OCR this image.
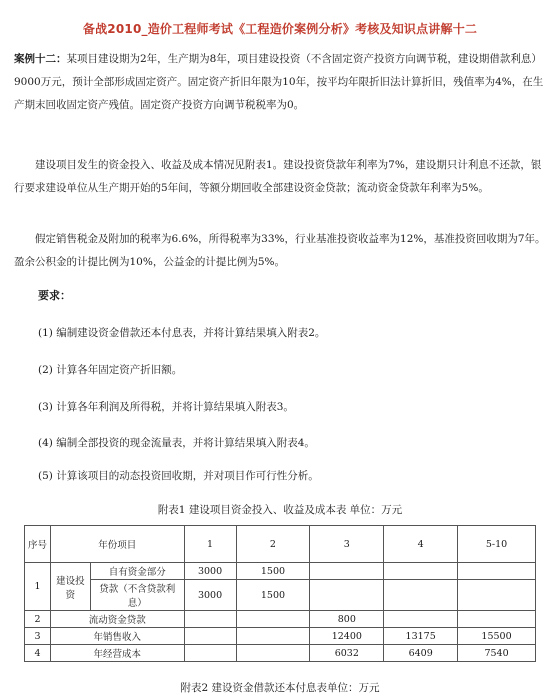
备战2010_造价工程师考试《工程造价案例分析》考核及知识点讲解十二

案例十二：某项目建设期为2年，生产期为8年，项目建设投资（不含固定资产投资方向调节税，建设期借款利息）9000万元，预计全部形成固定资产。固定资产折旧年限为10年，按平均年限折旧法计算折旧，残值率为4%，在生产期末回收固定资产残值。固定资产投资方向调节税税率为0。

建设项目发生的资金投入、收益及成本情况见附表1。建设投资贷款年利率为7%，建设期只计利息不还款，银行要求建设单位从生产期开始的5年间，等额分期回收全部建设资金贷款；流动资金贷款年利率为5%。

假定销售税金及附加的税率为6.6%，所得税率为33%，行业基准投资收益率为12%，基准投资回收期为7年。盈余公积金的计提比例为10%，公益金的计提比例为5%。

要求：
(1) 编制建设资金借款还本付息表，并将计算结果填入附表2。
(2) 计算各年固定资产折旧额。
(3) 计算各年利润及所得税，并将计算结果填入附表3。
(4) 编制全部投资的现金流量表，并将计算结果填入附表4。
(5) 计算该项目的动态投资回收期，并对项目作可行性分析。
附表1 建设项目资金投入、收益及成本表 单位：万元
序号	年份项目		1	2	3	4	5-10
1	建设投资	自有资金部分	3000	1500			
		贷款（不含贷款利息）	3000	1500			
2	流动资金贷款				800		
3	年销售收入				12400	13175	15500
4	年经营成本				6032	6409	7540
附表2 建设资金借款还本付息表单位：万元
